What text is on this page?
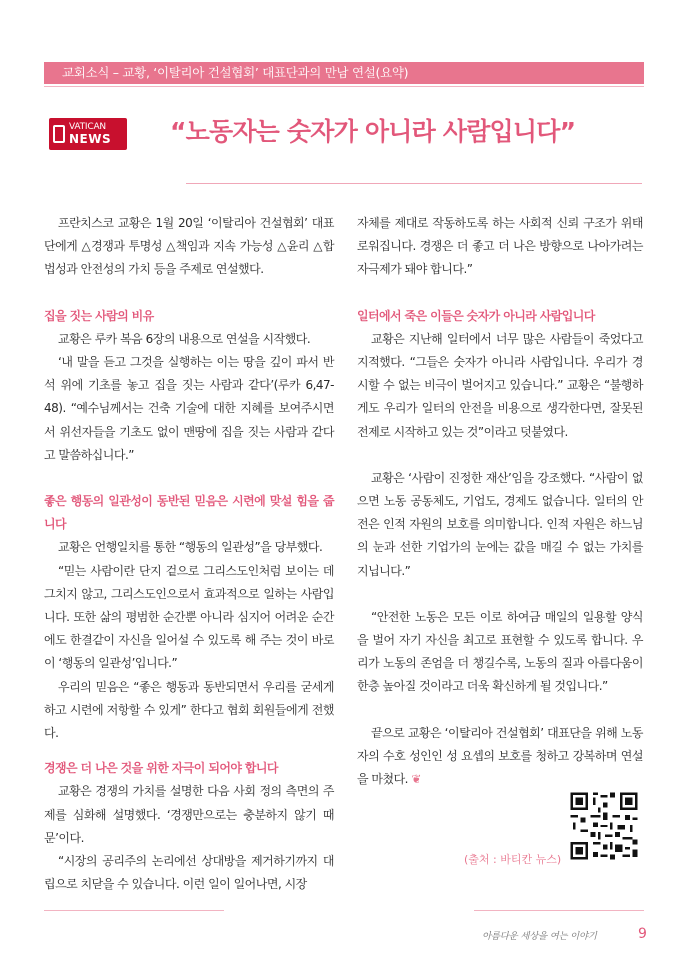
교회소식 – 교황, ‘이탈리아 건설협회’ 대표단과의 만남 연설(요약)
VATICAN
NEWS “노동자는 숫자가 아니라 사람입니다”

프란치스코 교황은 1월 20일 ‘이탈리아 건설협회’ 대표단에게 △경쟁과 투명성 △책임과 지속 가능성 △윤리 △합법성과 안전성의 가치 등을 주제로 연설했다.

집을 짓는 사람의 비유

교황은 루카 복음 6장의 내용으로 연설을 시작했다.

‘내 말을 듣고 그것을 실행하는 이는 땅을 깊이 파서 반석 위에 기초를 놓고 집을 짓는 사람과 같다’(루카 6,47-48). “예수님께서는 건축 기술에 대한 지혜를 보여주시면서 위선자들을 기초도 없이 맨땅에 집을 짓는 사람과 같다고 말씀하십니다.”

좋은 행동의 일관성이 동반된 믿음은 시련에 맞설 힘을 줍니다

교황은 언행일치를 통한 “행동의 일관성”을 당부했다.

“믿는 사람이란 단지 겉으로 그리스도인처럼 보이는 데 그치지 않고, 그리스도인으로서 효과적으로 일하는 사람입니다. 또한 삶의 평범한 순간뿐 아니라 심지어 어려운 순간에도 한결같이 자신을 일어설 수 있도록 해 주는 것이 바로 이 ‘행동의 일관성’입니다.”

우리의 믿음은 “좋은 행동과 동반되면서 우리를 굳세게 하고 시련에 저항할 수 있게” 한다고 협회 회원들에게 전했다.

경쟁은 더 나은 것을 위한 자극이 되어야 합니다

교황은 경쟁의 가치를 설명한 다음 사회 정의 측면의 주제를 심화해 설명했다. ‘경쟁만으로는 충분하지 않기 때문’이다.

“시장의 공리주의 논리에선 상대방을 제거하기까지 대립으로 치닫을 수 있습니다. 이런 일이 일어나면, 시장

자체를 제대로 작동하도록 하는 사회적 신뢰 구조가 위태로워집니다. 경쟁은 더 좋고 더 나은 방향으로 나아가려는 자극제가 돼야 합니다.”

일터에서 죽은 이들은 숫자가 아니라 사람입니다

교황은 지난해 일터에서 너무 많은 사람들이 죽었다고 지적했다. “그들은 숫자가 아니라 사람입니다. 우리가 경시할 수 없는 비극이 벌어지고 있습니다.” 교황은 “불행하게도 우리가 일터의 안전을 비용으로 생각한다면, 잘못된 전제로 시작하고 있는 것”이라고 덧붙였다.

교황은 ‘사람이 진정한 재산’임을 강조했다. “사람이 없으면 노동 공동체도, 기업도, 경제도 없습니다. 일터의 안전은 인적 자원의 보호를 의미합니다. 인적 자원은 하느님의 눈과 선한 기업가의 눈에는 값을 매길 수 없는 가치를 지닙니다.”

“안전한 노동은 모든 이로 하여금 매일의 일용할 양식을 벌어 자기 자신을 최고로 표현할 수 있도록 합니다. 우리가 노동의 존엄을 더 챙길수록, 노동의 질과 아름다움이 한층 높아질 것이라고 더욱 확신하게 될 것입니다.”

끝으로 교황은 ‘이탈리아 건설협회’ 대표단을 위해 노동자의 수호 성인인 성 요셉의 보호를 청하고 강복하며 연설을 마쳤다. ❦

(출처 : 바티칸 뉴스)
아름다운 세상을 여는 이야기	9
